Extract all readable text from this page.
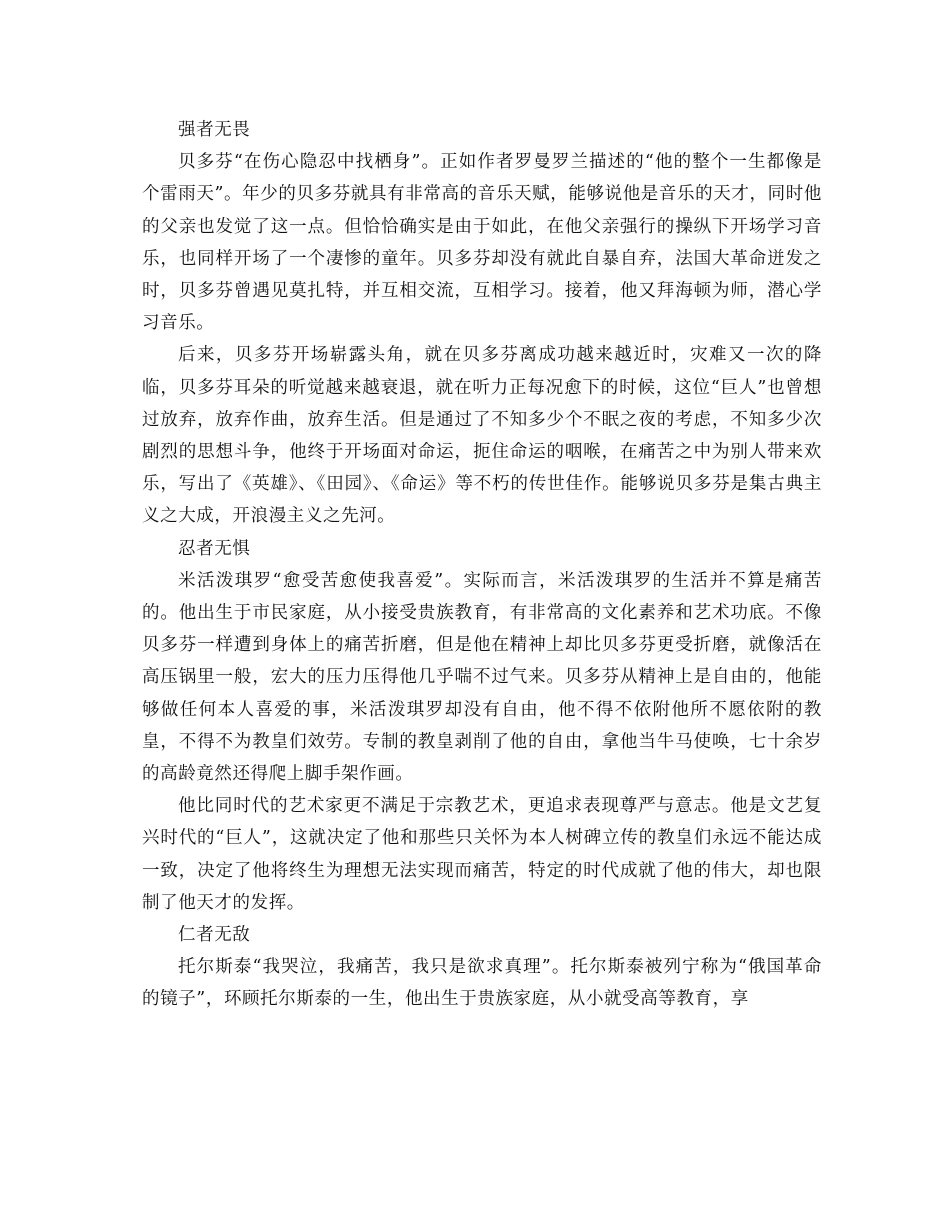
强者无畏

贝多芬“在伤心隐忍中找栖身”。正如作者罗曼罗兰描述的“他的整个一生都像是个雷雨天”。年少的贝多芬就具有非常高的音乐天赋，能够说他是音乐的天才，同时他的父亲也发觉了这一点。但恰恰确实是由于如此，在他父亲强行的操纵下开场学习音乐，也同样开场了一个凄惨的童年。贝多芬却没有就此自暴自弃，法国大革命迸发之时，贝多芬曾遇见莫扎特，并互相交流，互相学习。接着，他又拜海顿为师，潜心学习音乐。

后来，贝多芬开场崭露头角，就在贝多芬离成功越来越近时，灾难又一次的降临，贝多芬耳朵的听觉越来越衰退，就在听力正每况愈下的时候，这位“巨人”也曾想过放弃，放弃作曲，放弃生活。但是通过了不知多少个不眠之夜的考虑，不知多少次剧烈的思想斗争，他终于开场面对命运，扼住命运的咽喉，在痛苦之中为别人带来欢乐，写出了《英雄》、《田园》、《命运》等不朽的传世佳作。能够说贝多芬是集古典主义之大成，开浪漫主义之先河。

忍者无惧

米活泼琪罗“愈受苦愈使我喜爱”。实际而言，米活泼琪罗的生活并不算是痛苦的。他出生于市民家庭，从小接受贵族教育，有非常高的文化素养和艺术功底。不像贝多芬一样遭到身体上的痛苦折磨，但是他在精神上却比贝多芬更受折磨，就像活在高压锅里一般，宏大的压力压得他几乎喘不过气来。贝多芬从精神上是自由的，他能够做任何本人喜爱的事，米活泼琪罗却没有自由，他不得不依附他所不愿依附的教皇，不得不为教皇们效劳。专制的教皇剥削了他的自由，拿他当牛马使唤，七十余岁的高龄竟然还得爬上脚手架作画。

他比同时代的艺术家更不满足于宗教艺术，更追求表现尊严与意志。他是文艺复兴时代的“巨人”，这就决定了他和那些只关怀为本人树碑立传的教皇们永远不能达成一致，决定了他将终生为理想无法实现而痛苦，特定的时代成就了他的伟大，却也限制了他天才的发挥。

仁者无敌

托尔斯泰“我哭泣，我痛苦，我只是欲求真理”。托尔斯泰被列宁称为“俄国革命的镜子”，环顾托尔斯泰的一生，他出生于贵族家庭，从小就受高等教育，享
